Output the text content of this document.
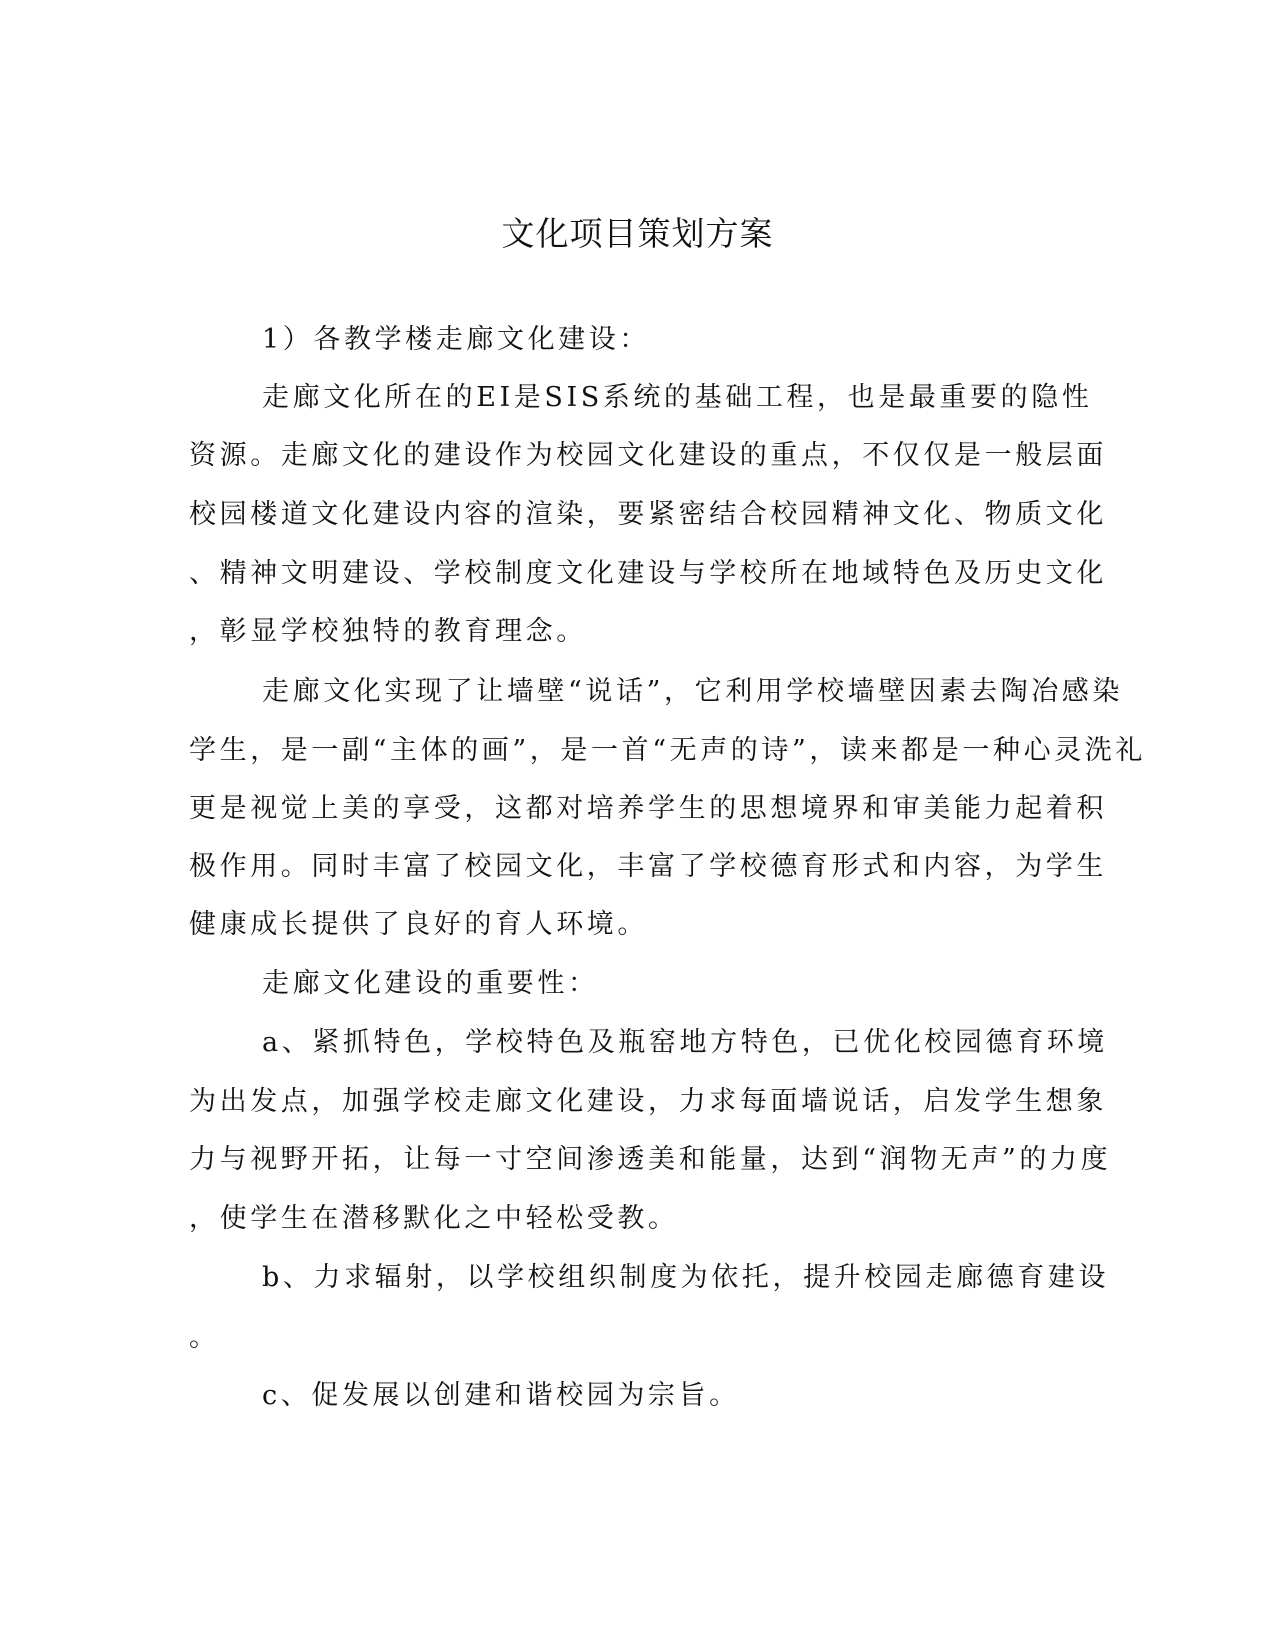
文化项目策划方案

1）各教学楼走廊文化建设：

走廊文化所在的EI是SIS系统的基础工程，也是最重要的隐性

资源。走廊文化的建设作为校园文化建设的重点，不仅仅是一般层面

校园楼道文化建设内容的渲染，要紧密结合校园精神文化、物质文化

、精神文明建设、学校制度文化建设与学校所在地域特色及历史文化

，彰显学校独特的教育理念。

走廊文化实现了让墙壁“说话”，它利用学校墙壁因素去陶冶感染

学生，是一副“主体的画”，是一首“无声的诗”，读来都是一种心灵洗礼

更是视觉上美的享受，这都对培养学生的思想境界和审美能力起着积

极作用。同时丰富了校园文化，丰富了学校德育形式和内容，为学生

健康成长提供了良好的育人环境。

走廊文化建设的重要性：

a、紧抓特色，学校特色及瓶窑地方特色，已优化校园德育环境

为出发点，加强学校走廊文化建设，力求每面墙说话，启发学生想象

力与视野开拓，让每一寸空间渗透美和能量，达到“润物无声”的力度

，使学生在潜移默化之中轻松受教。

b、力求辐射，以学校组织制度为依托，提升校园走廊德育建设

。

c、促发展以创建和谐校园为宗旨。
